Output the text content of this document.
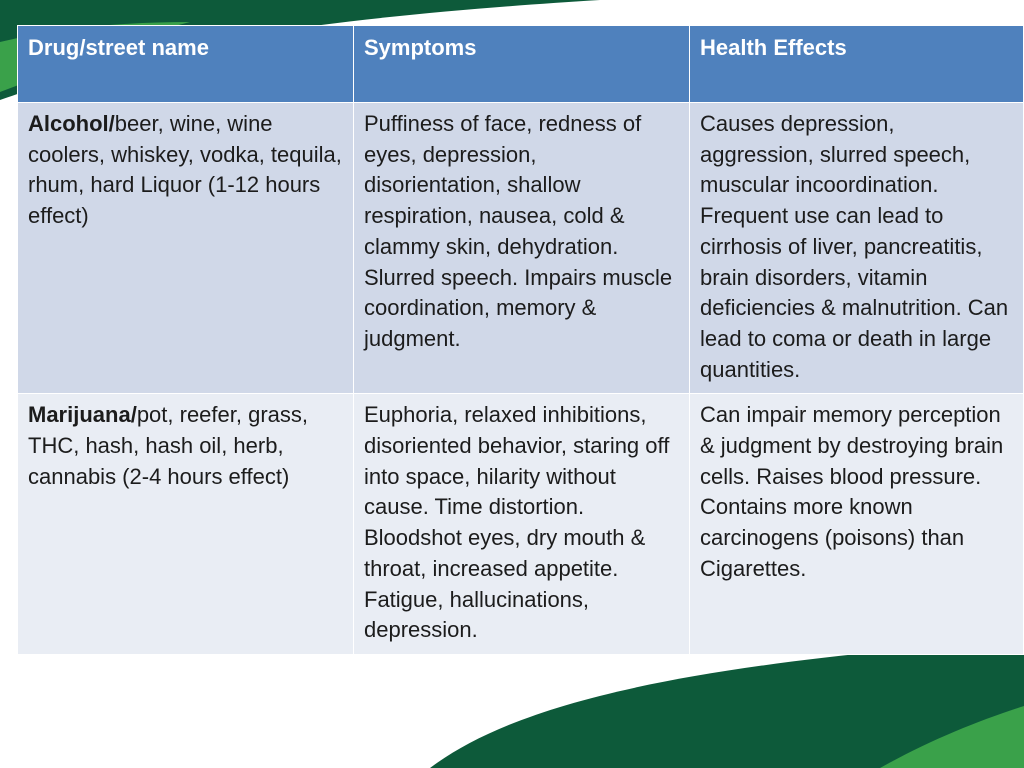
Drug/street name	Symptoms	Health Effects
Alcohol/beer, wine, wine coolers, whiskey, vodka, tequila, rhum, hard Liquor (1-12 hours effect)	Puffiness of face, redness of eyes, depression, disorientation, shallow respiration, nausea, cold & clammy skin, dehydration. Slurred speech. Impairs muscle coordination, memory & judgment.	Causes depression, aggression, slurred speech, muscular incoordination. Frequent use can lead to cirrhosis of liver, pancreatitis, brain disorders, vitamin deficiencies & malnutrition. Can lead to coma or death in large quantities.
Marijuana/pot, reefer, grass, THC, hash, hash oil, herb, cannabis (2-4 hours effect)	Euphoria, relaxed inhibitions, disoriented behavior, staring off into space, hilarity without cause. Time distortion. Bloodshot eyes, dry mouth & throat, increased appetite. Fatigue, hallucinations, depression.	Can impair memory perception & judgment by destroying brain cells. Raises blood pressure. Contains more known carcinogens (poisons) than Cigarettes.
